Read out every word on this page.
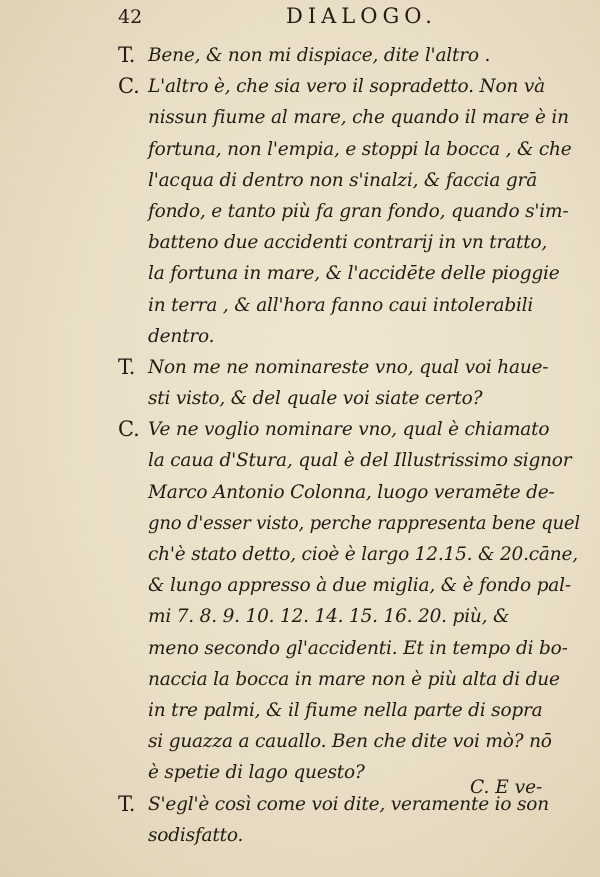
42	DIALOGO.
T. Bene, & non mi dispiace, dite l'altro .
C. L'altro è, che sia vero il sopradetto. Non và
nissun fiume al mare, che quando il mare è in
fortuna, non l'empia, e stoppi la bocca , & che
l'acqua di dentro non s'inalzi, & faccia grā
fondo, e tanto più fa gran fondo, quando s'im-
batteno due accidenti contrarij in vn tratto,
la fortuna in mare, & l'accidēte delle pioggie
in terra , & all'hora fanno caui intolerabili
dentro.
T. Non me ne nominareste vno, qual voi haue-
sti visto, & del quale voi siate certo?
C. Ve ne voglio nominare vno, qual è chiamato
la caua d'Stura, qual è del Illustrissimo signor
Marco Antonio Colonna, luogo veramēte de-
gno d'esser visto, perche rappresenta bene quel
ch'è stato detto, cioè è largo 12.15. & 20.cāne,
& lungo appresso à due miglia, & è fondo pal-
mi 7. 8. 9. 10. 12. 14. 15. 16. 20. più, &
meno secondo gl'accidenti. Et in tempo di bo-
naccia la bocca in mare non è più alta di due
in tre palmi, & il fiume nella parte di sopra
si guazza a cauallo. Ben che dite voi mò? nō
è spetie di lago questo?
T. S'egl'è così come voi dite, veramente io son
sodisfatto.
C. E ve-
